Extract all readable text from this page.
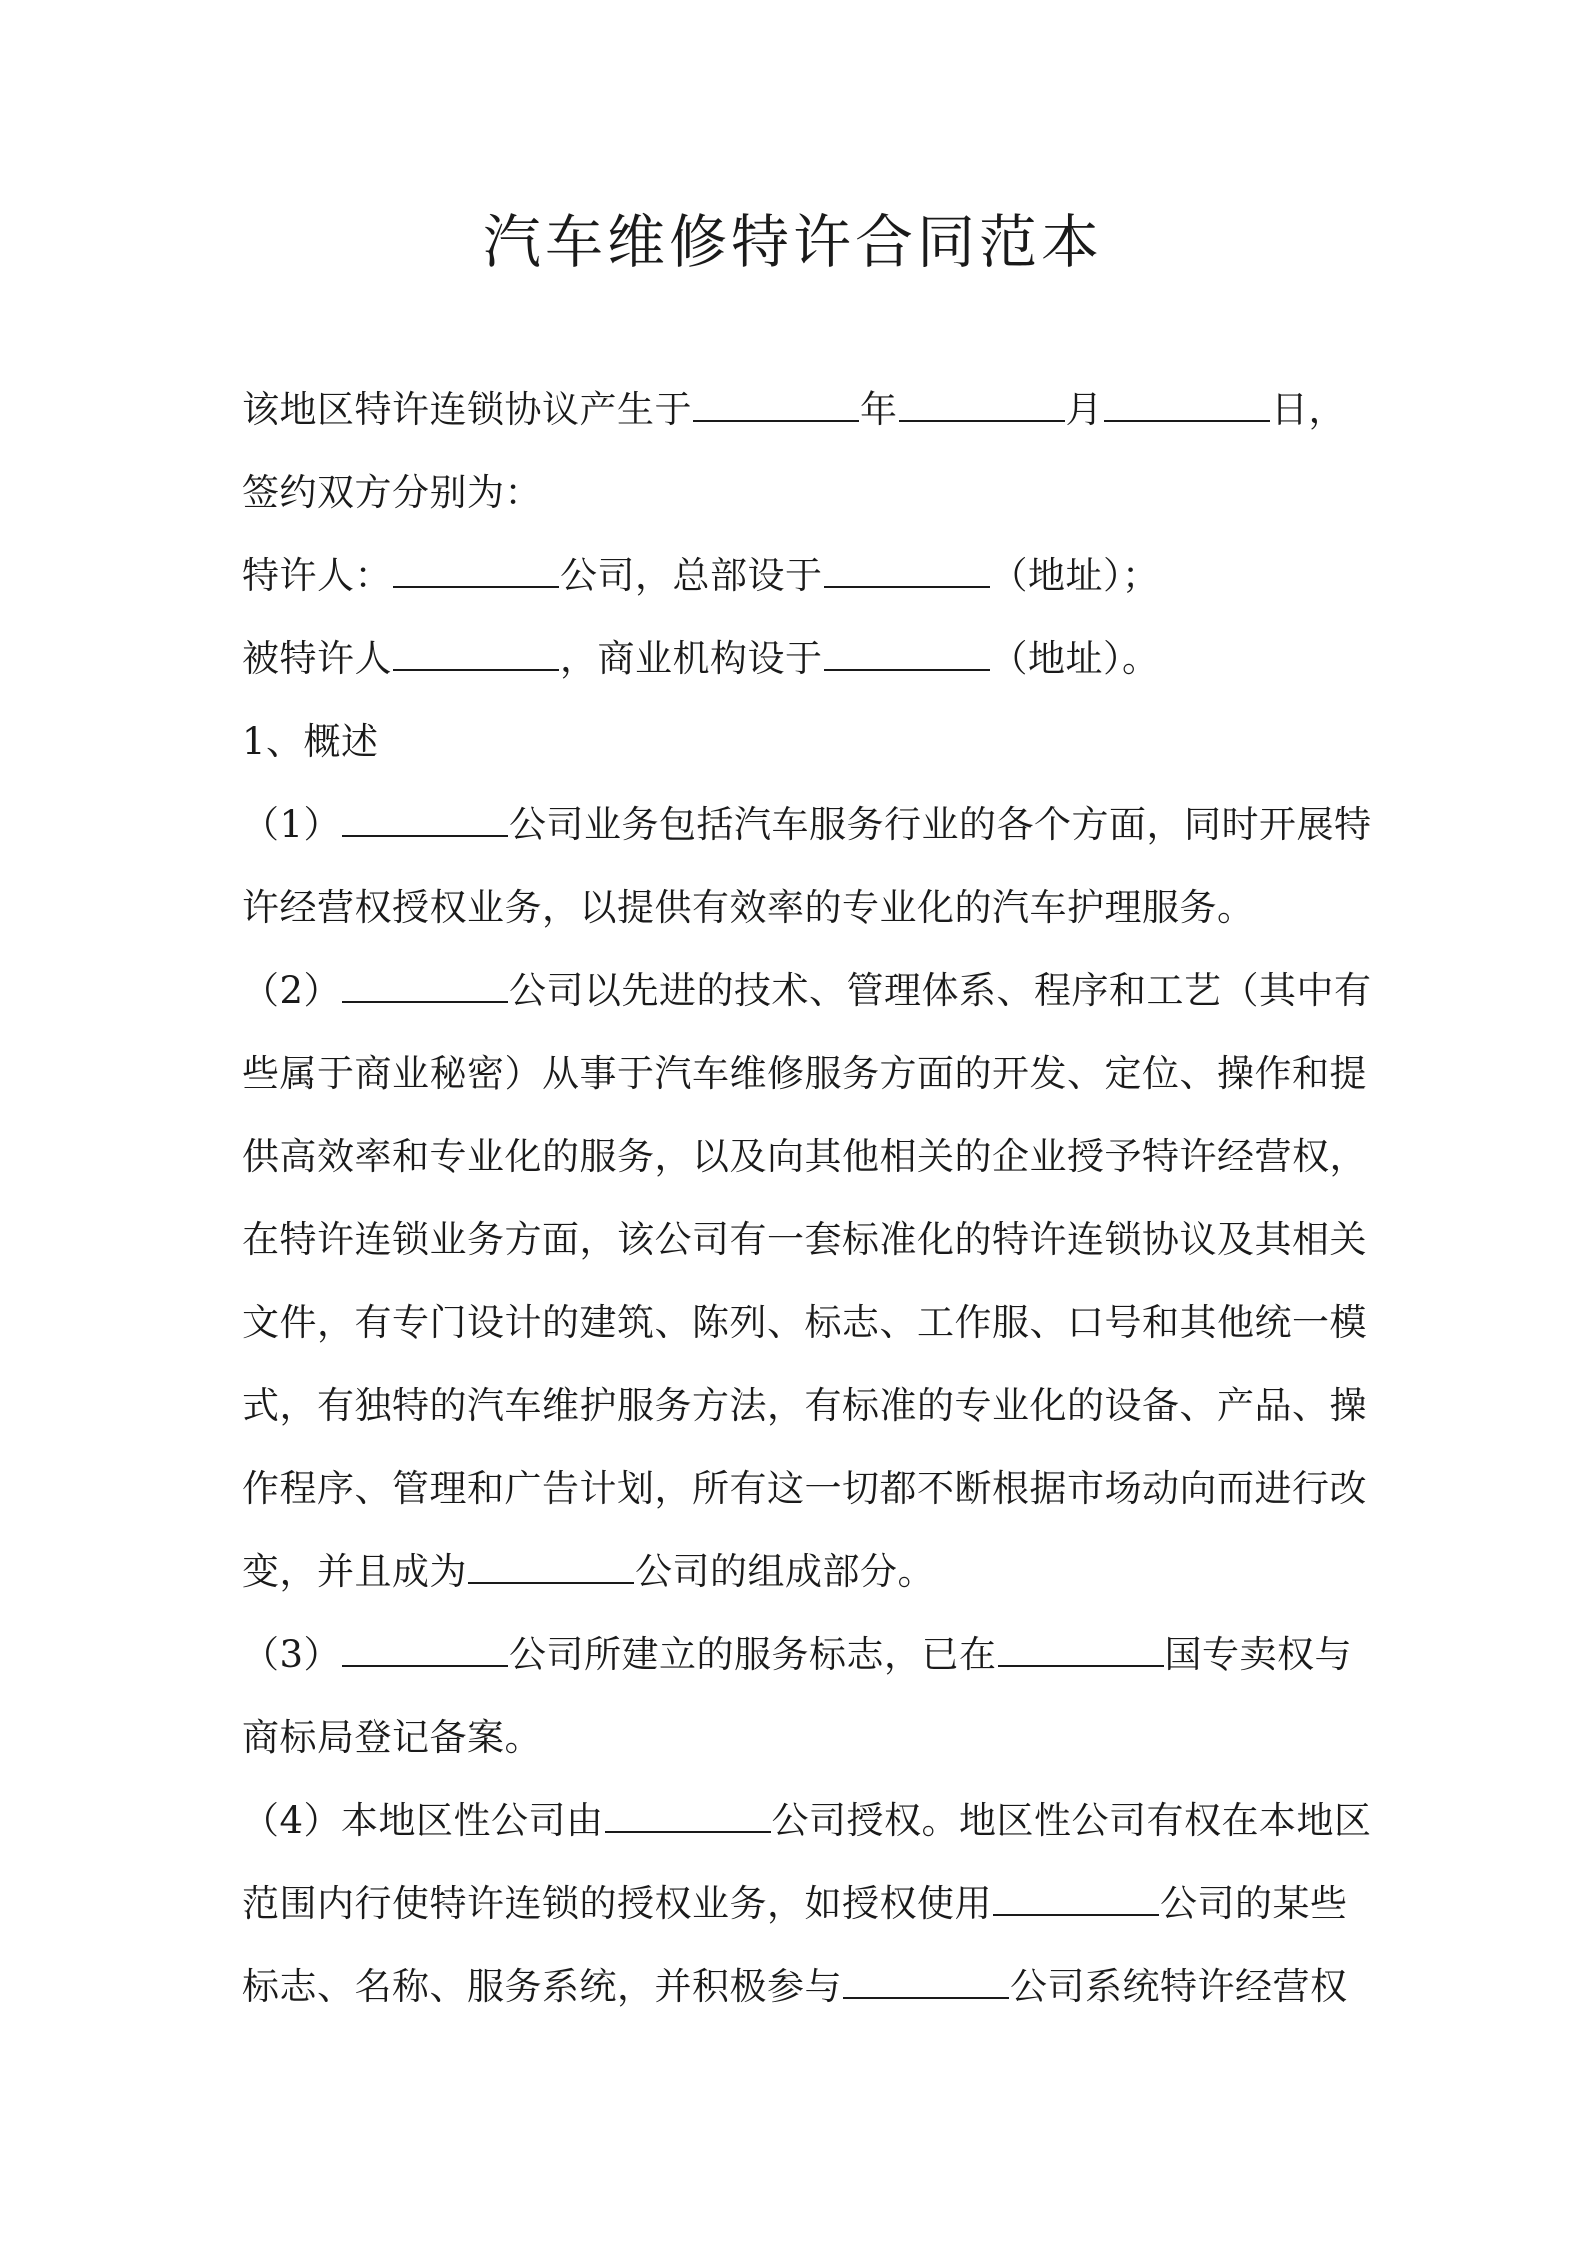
汽车维修特许合同范本
该地区特许连锁协议产生于	年	月	日，
签约双方分别为：
特许人：	公司，总部设于	（地址）；
被特许人	，商业机构设于	（地址）。
1、概述
（1）	公司业务包括汽车服务行业的各个方面，同时开展特
许经营权授权业务，以提供有效率的专业化的汽车护理服务。
（2）	公司以先进的技术、管理体系、程序和工艺（其中有
些属于商业秘密）从事于汽车维修服务方面的开发、定位、操作和提
供高效率和专业化的服务，以及向其他相关的企业授予特许经营权，
在特许连锁业务方面，该公司有一套标准化的特许连锁协议及其相关
文件，有专门设计的建筑、陈列、标志、工作服、口号和其他统一模
式，有独特的汽车维护服务方法，有标准的专业化的设备、产品、操
作程序、管理和广告计划，所有这一切都不断根据市场动向而进行改
变，并且成为	公司的组成部分。
（3）	公司所建立的服务标志，已在	国专卖权与
商标局登记备案。
（4）本地区性公司由	公司授权。地区性公司有权在本地区
范围内行使特许连锁的授权业务，如授权使用	公司的某些
标志、名称、服务系统，并积极参与	公司系统特许经营权
